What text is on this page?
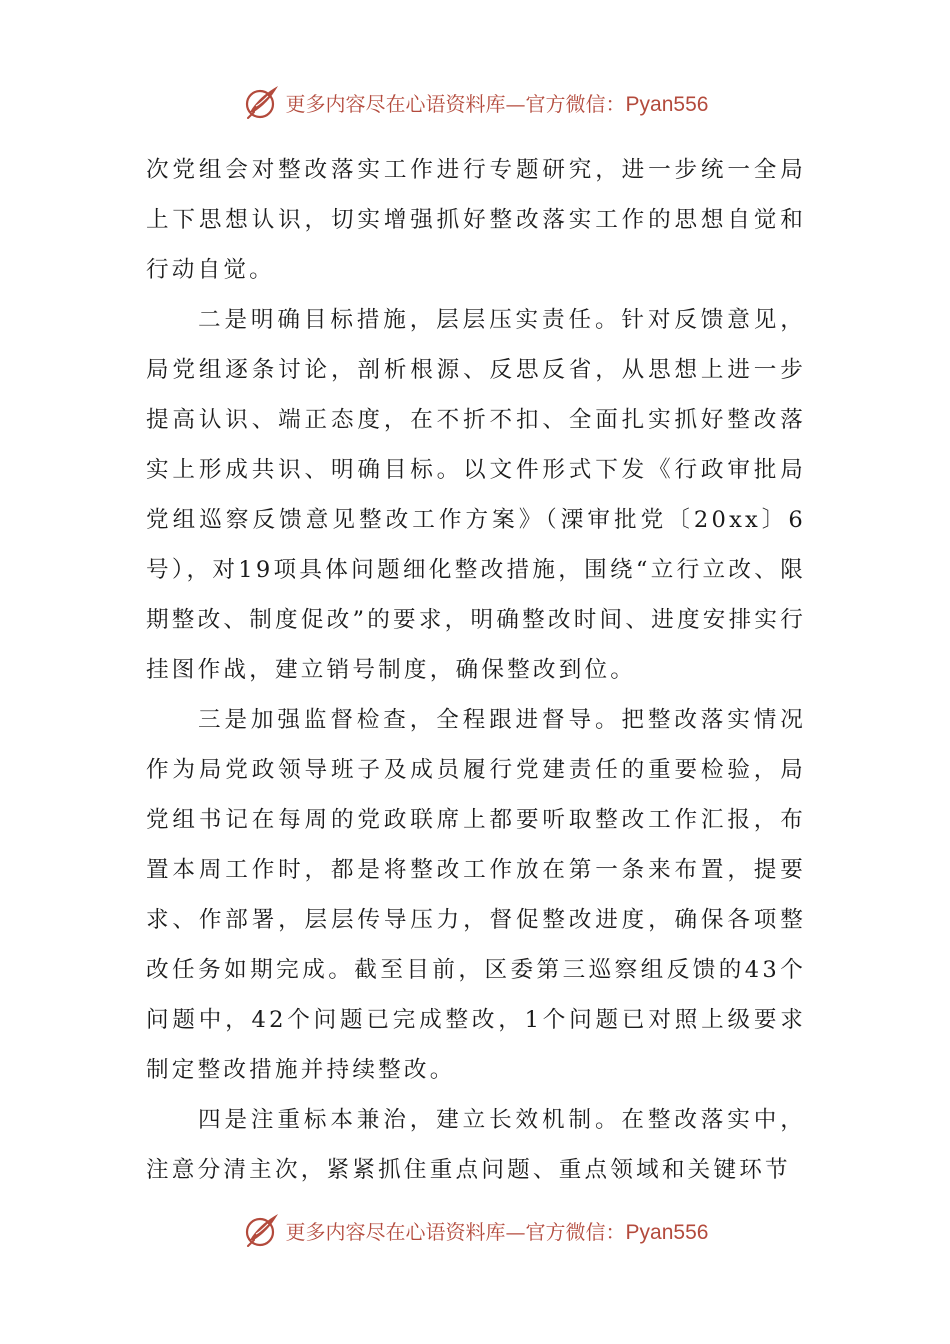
更多内容尽在心语资料库—官方微信：Pyan556

次党组会对整改落实工作进行专题研究，进一步统一全局上下思想认识，切实增强抓好整改落实工作的思想自觉和行动自觉。

二是明确目标措施，层层压实责任。针对反馈意见，局党组逐条讨论，剖析根源、反思反省，从思想上进一步提高认识、端正态度，在不折不扣、全面扎实抓好整改落实上形成共识、明确目标。以文件形式下发《行政审批局党组巡察反馈意见整改工作方案》（溧审批党〔20xx〕6号），对19项具体问题细化整改措施，围绕“立行立改、限期整改、制度促改”的要求，明确整改时间、进度安排实行挂图作战，建立销号制度，确保整改到位。

三是加强监督检查，全程跟进督导。把整改落实情况作为局党政领导班子及成员履行党建责任的重要检验，局党组书记在每周的党政联席上都要听取整改工作汇报，布置本周工作时，都是将整改工作放在第一条来布置，提要求、作部署，层层传导压力，督促整改进度，确保各项整改任务如期完成。截至目前，区委第三巡察组反馈的43个问题中，42个问题已完成整改，1个问题已对照上级要求制定整改措施并持续整改。

四是注重标本兼治，建立长效机制。在整改落实中，注意分清主次，紧紧抓住重点问题、重点领域和关键环节

更多内容尽在心语资料库—官方微信：Pyan556
